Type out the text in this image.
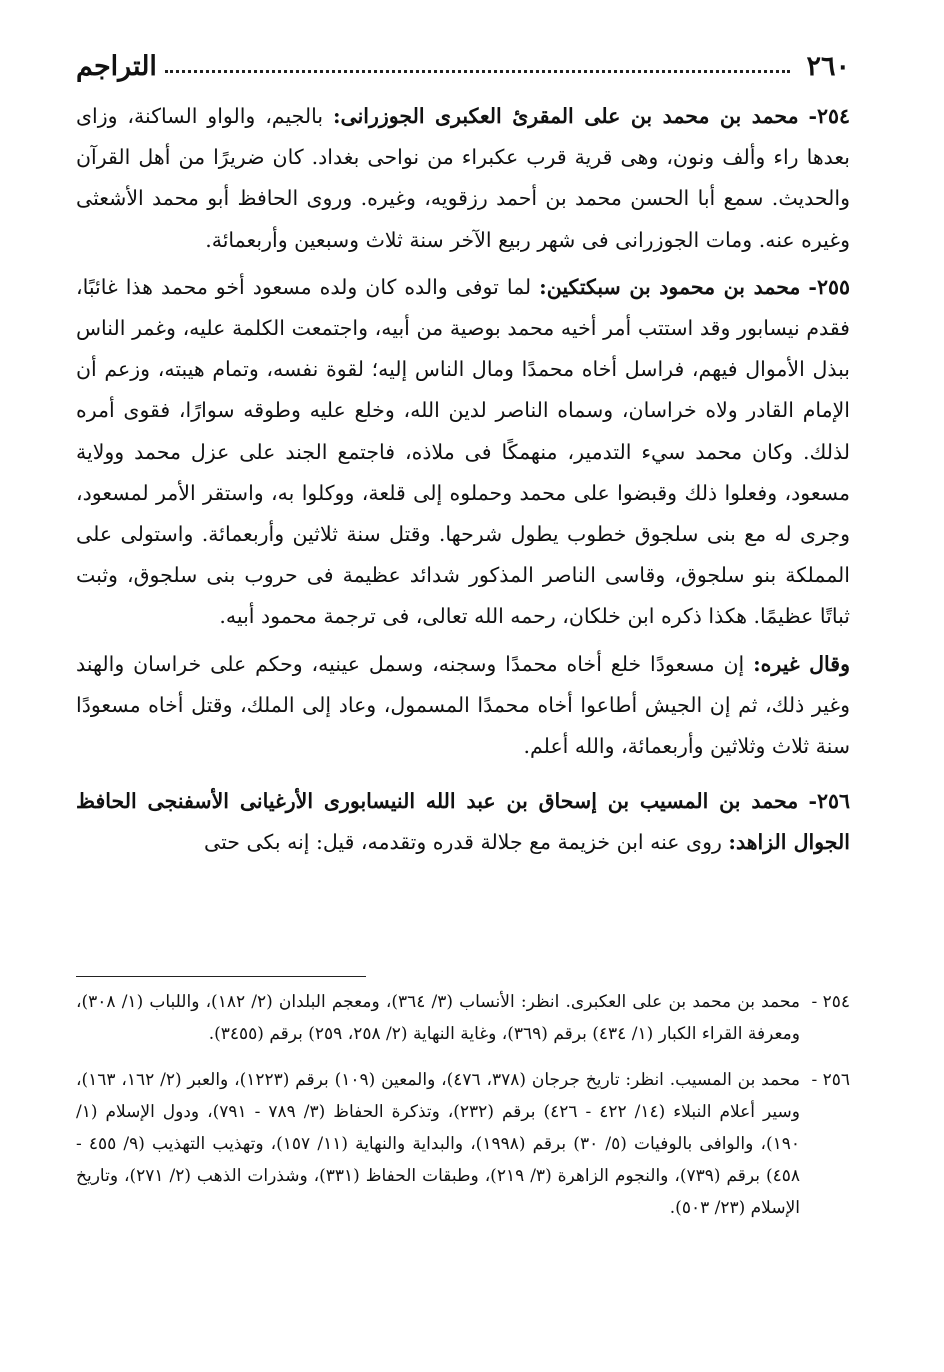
٢٦٠
التراجم

٢٥٤- محمد بن محمد بن على المقرئ العكبرى الجوزرانى: بالجيم، والواو الساكنة، وزاى بعدها راء وألف ونون، وهى قرية قرب عكبراء من نواحى بغداد. كان ضريرًا من أهل القرآن والحديث. سمع أبا الحسن محمد بن أحمد رزقويه، وغيره. وروى الحافظ أبو محمد الأشعثى وغيره عنه. ومات الجوزرانى فى شهر ربيع الآخر سنة ثلاث وسبعين وأربعمائة.

٢٥٥- محمد بن محمود بن سبكتكين: لما توفى والده كان ولده مسعود أخو محمد هذا غائبًا، فقدم نيسابور وقد استتب أمر أخيه محمد بوصية من أبيه، واجتمعت الكلمة عليه، وغمر الناس ببذل الأموال فيهم، فراسل أخاه محمدًا ومال الناس إليه؛ لقوة نفسه، وتمام هيبته، وزعم أن الإمام القادر ولاه خراسان، وسماه الناصر لدين الله، وخلع عليه وطوقه سوارًا، فقوى أمره لذلك. وكان محمد سيء التدمير، منهمكًا فى ملاذه، فاجتمع الجند على عزل محمد وولاية مسعود، وفعلوا ذلك وقبضوا على محمد وحملوه إلى قلعة، ووكلوا به، واستقر الأمر لمسعود، وجرى له مع بنى سلجوق خطوب يطول شرحها. وقتل سنة ثلاثين وأربعمائة. واستولى على المملكة بنو سلجوق، وقاسى الناصر المذكور شدائد عظيمة فى حروب بنى سلجوق، وثبت ثباتًا عظيمًا. هكذا ذكره ابن خلكان، رحمه الله تعالى، فى ترجمة محمود أبيه.

وقال غيره: إن مسعودًا خلع أخاه محمدًا وسجنه، وسمل عينيه، وحكم على خراسان والهند وغير ذلك، ثم إن الجيش أطاعوا أخاه محمدًا المسمول، وعاد إلى الملك، وقتل أخاه مسعودًا سنة ثلاث وثلاثين وأربعمائة، والله أعلم.

٢٥٦- محمد بن المسيب بن إسحاق بن عبد الله النيسابورى الأرغيانى الأسفنجى الحافظ الجوال الزاهد: روى عنه ابن خزيمة مع جلالة قدره وتقدمه، قيل: إنه بكى حتى

٢٥٤ -
محمد بن محمد بن على العكبرى. انظر: الأنساب (٣/ ٣٦٤)، ومعجم البلدان (٢/ ١٨٢)، واللباب (١/ ٣٠٨)، ومعرفة القراء الكبار (١/ ٤٣٤) برقم (٣٦٩)، وغاية النهاية (٢/ ٢٥٨، ٢٥٩) برقم (٣٤٥٥).

٢٥٦ -
محمد بن المسيب. انظر: تاريخ جرجان (٣٧٨، ٤٧٦)، والمعين (١٠٩) برقم (١٢٢٣)، والعبر (٢/ ١٦٢، ١٦٣)، وسير أعلام النبلاء (١٤/ ٤٢٢ - ٤٢٦) برقم (٢٣٢)، وتذكرة الحفاظ (٣/ ٧٨٩ - ٧٩١)، ودول الإسلام (١/ ١٩٠)، والوافى بالوفيات (٥/ ٣٠) برقم (١٩٩٨)، والبداية والنهاية (١١/ ١٥٧)، وتهذيب التهذيب (٩/ ٤٥٥ - ٤٥٨) برقم (٧٣٩)، والنجوم الزاهرة (٣/ ٢١٩)، وطبقات الحفاظ (٣٣١)، وشذرات الذهب (٢/ ٢٧١)، وتاريخ الإسلام (٢٣/ ٥٠٣).
